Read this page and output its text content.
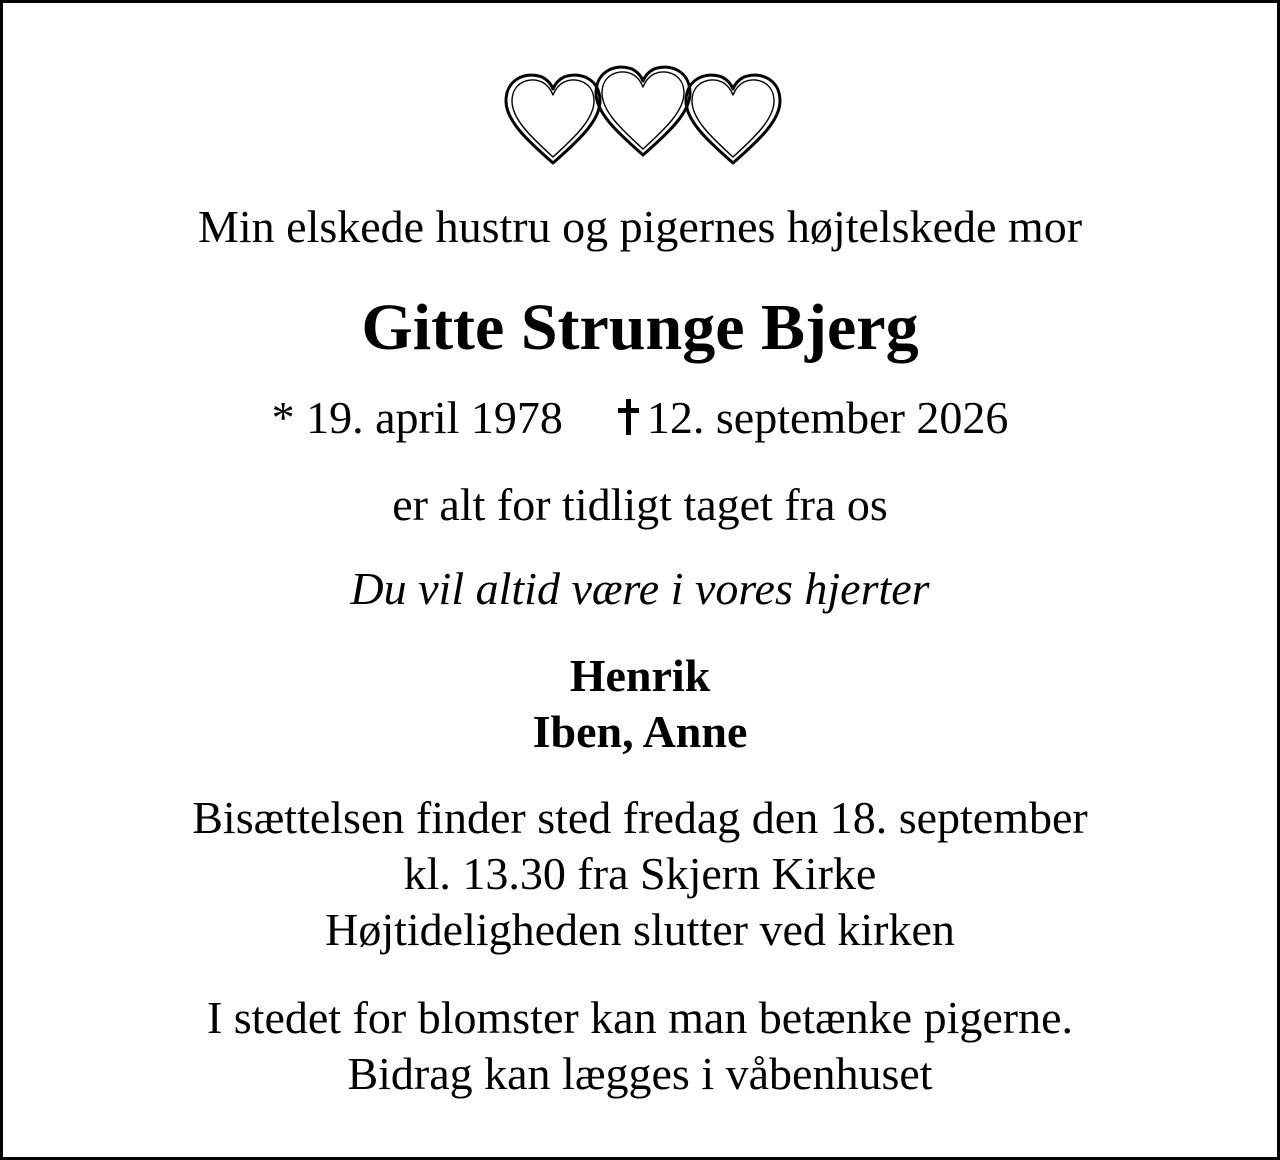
Min elskede hustru og pigernes højtelskede mor
Gitte Strunge Bjerg
* 19. april 1978 12. september 2026
er alt for tidligt taget fra os
Du vil altid være i vores hjerter
Henrik
Iben, Anne
Bisættelsen finder sted fredag den 18. september
kl. 13.30 fra Skjern Kirke
Højtideligheden slutter ved kirken
I stedet for blomster kan man betænke pigerne.
Bidrag kan lægges i våbenhuset
